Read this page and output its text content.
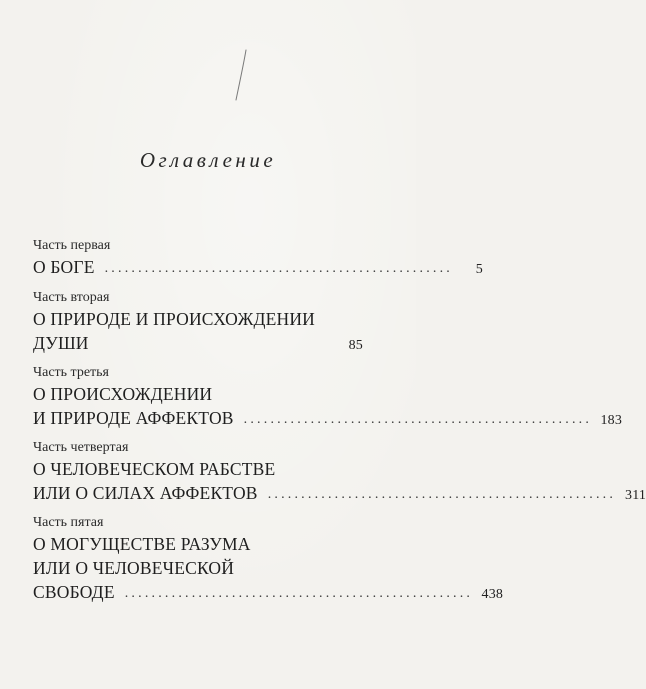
Оглавление
Часть первая
О БОГЕ ....................................................	5
Часть вторая
О ПРИРОДЕ И ПРОИСХОЖДЕНИИ
ДУШИ	85
Часть третья
О ПРОИСХОЖДЕНИИ
И ПРИРОДЕ АФФЕКТОВ .................................................... 183
Часть четвертая
О ЧЕЛОВЕЧЕСКОМ РАБСТВЕ
ИЛИ О СИЛАХ АФФЕКТОВ .................................................... 311
Часть пятая
О МОГУЩЕСТВЕ РАЗУМА
ИЛИ О ЧЕЛОВЕЧЕСКОЙ
СВОБОДЕ .................................................... 438
